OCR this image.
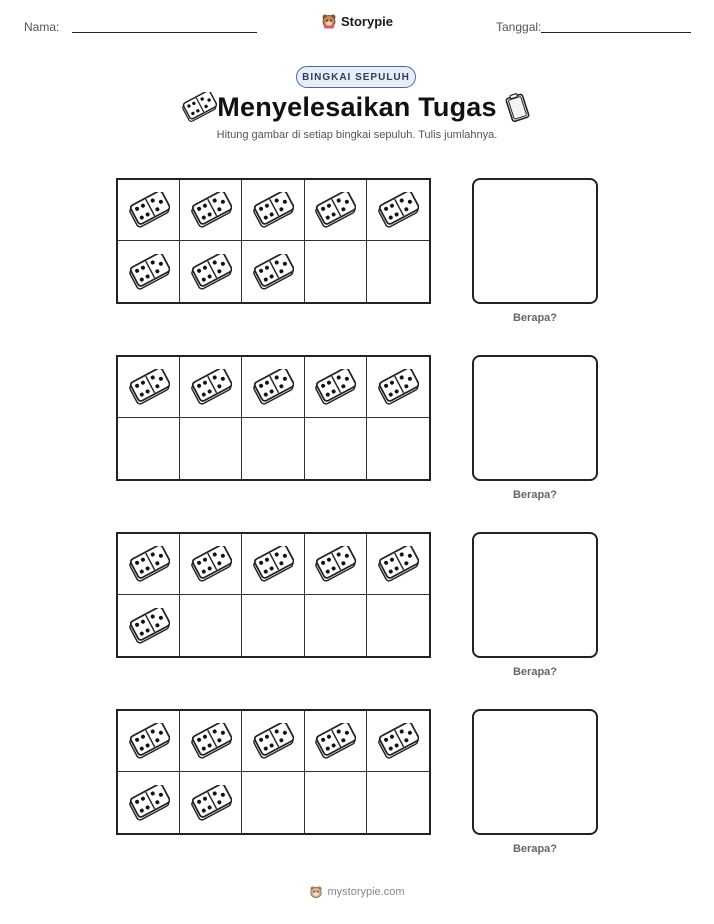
Nama:	Storypie	Tanggal:
BINGKAI SEPULUH
Menyelesaikan Tugas
Hitung gambar di setiap bingkai sepuluh. Tulis jumlahnya.
Berapa?
Berapa?
Berapa?
Berapa?
mystorypie.com
